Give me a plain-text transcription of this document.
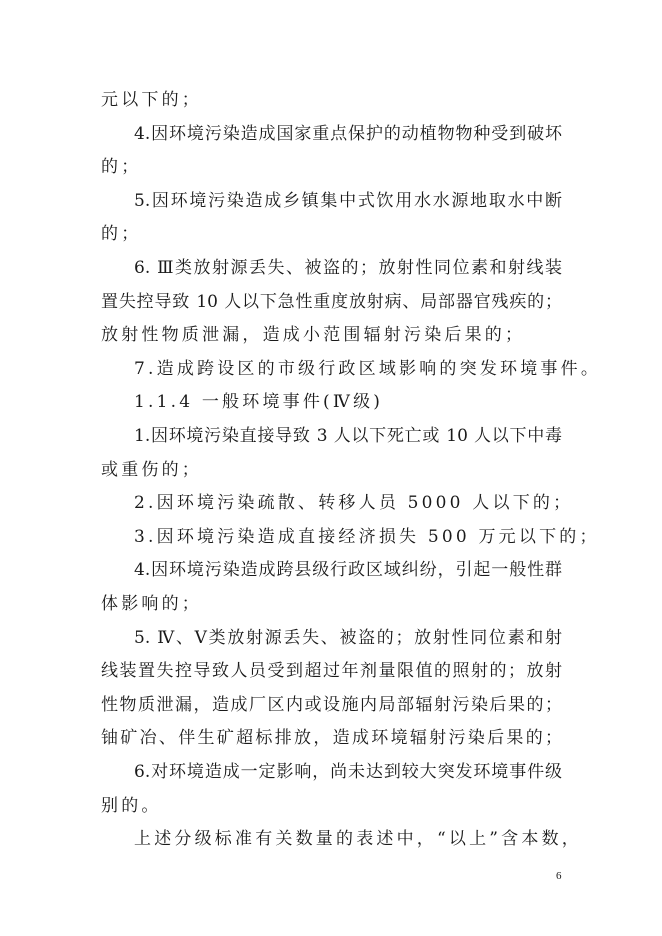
6
元以下的；
4.因环境污染造成国家重点保护的动植物物种受到破坏
的；
5.因环境污染造成乡镇集中式饮用水水源地取水中断
的；
6. Ⅲ类放射源丢失、被盗的；放射性同位素和射线装
置失控导致 10 人以下急性重度放射病、局部器官残疾的；
放射性物质泄漏，造成小范围辐射污染后果的；
7.造成跨设区的市级行政区域影响的突发环境事件。
1.1.4 一般环境事件(Ⅳ级)
1.因环境污染直接导致 3 人以下死亡或 10 人以下中毒
或重伤的；
2.因环境污染疏散、转移人员 5000 人以下的；
3.因环境污染造成直接经济损失 500 万元以下的；
4.因环境污染造成跨县级行政区域纠纷，引起一般性群
体影响的；
5. Ⅳ、Ⅴ类放射源丢失、被盗的；放射性同位素和射
线装置失控导致人员受到超过年剂量限值的照射的；放射
性物质泄漏，造成厂区内或设施内局部辐射污染后果的；
铀矿冶、伴生矿超标排放，造成环境辐射污染后果的；
6.对环境造成一定影响，尚未达到较大突发环境事件级
别的。
上述分级标准有关数量的表述中，“以上”含本数，
